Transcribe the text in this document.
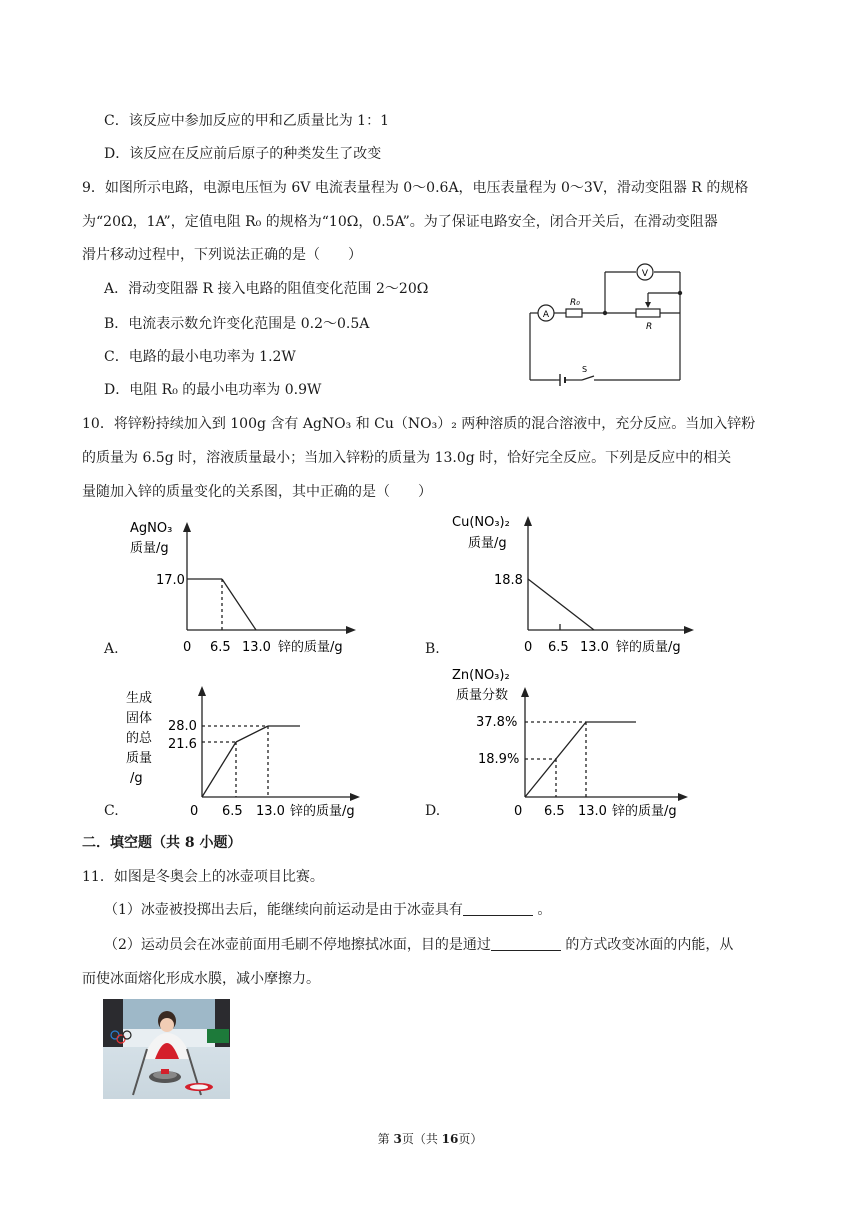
C．该反应中参加反应的甲和乙质量比为 1：1
D．该反应在反应前后原子的种类发生了改变
9．如图所示电路，电源电压恒为 6V 电流表量程为 0～0.6A，电压表量程为 0～3V，滑动变阻器 R 的规格
为“20Ω，1A”，定值电阻 R₀ 的规格为“10Ω，0.5A”。为了保证电路安全，闭合开关后，在滑动变阻器
滑片移动过程中，下列说法正确的是（　　）
A．滑动变阻器 R 接入电路的阻值变化范围 2～20Ω
B．电流表示数允许变化范围是 0.2～0.5A
C．电路的最小电功率为 1.2W
D．电阻 R₀ 的最小电功率为 0.9W
A
V
R₀
R
S
10．将锌粉持续加入到 100g 含有 AgNO₃ 和 Cu（NO₃）₂ 两种溶质的混合溶液中，充分反应。当加入锌粉
的质量为 6.5g 时，溶液质量最小；当加入锌粉的质量为 13.0g 时，恰好完全反应。下列是反应中的相关
量随加入锌的质量变化的关系图，其中正确的是（　　）
AgNO₃
质量/g
17.0
0 6.5 13.0 锌的质量/g
A.
Cu(NO₃)₂
质量/g
18.8
0 6.5 13.0 锌的质量/g
B.
生成
固体
的总
质量
/g
28.0
21.6
0 6.5 13.0 锌的质量/g
C.
Zn(NO₃)₂
质量分数
37.8%
18.9%
0 6.5 13.0 锌的质量/g
D.
二．填空题（共 8 小题）
11．如图是冬奥会上的冰壶项目比赛。
（1）冰壶被投掷出去后，能继续向前运动是由于冰壶具有	。
（2）运动员会在冰壶前面用毛刷不停地擦拭冰面，目的是通过	的方式改变冰面的内能，从
而使冰面熔化形成水膜，减小摩擦力。
第 3页（共 16页）
